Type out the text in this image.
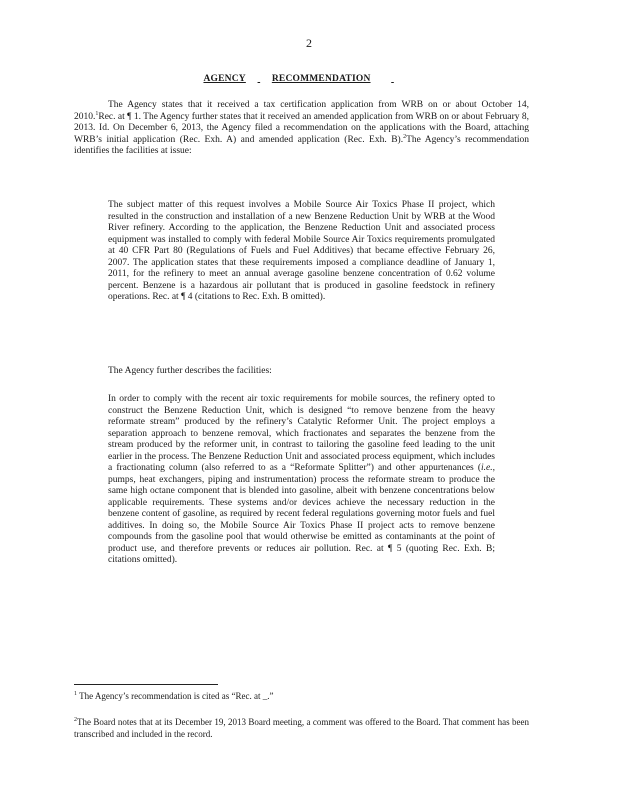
2
AGENCY	RECOMMENDATION

The Agency states that it received a tax certification application from WRB on or about October 14, 2010.$^1$Rec. at ¶ 1. The Agency further states that it received an amended application from WRB on or about February 8, 2013. Id. On December 6, 2013, the Agency filed a recommendation on the applications with the Board, attaching WRB’s initial application (Rec. Exh. A) and amended application (Rec. Exh. B).$^2$The Agency’s recommendation identifies the facilities at issue:

The subject matter of this request involves a Mobile Source Air Toxics Phase II project, which resulted in the construction and installation of a new Benzene Reduction Unit by WRB at the Wood River refinery. According to the application, the Benzene Reduction Unit and associated process equipment was installed to comply with federal Mobile Source Air Toxics requirements promulgated at 40 CFR Part 80 (Regulations of Fuels and Fuel Additives) that became effective February 26, 2007. The application states that these requirements imposed a compliance deadline of January 1, 2011, for the refinery to meet an annual average gasoline benzene concentration of 0.62 volume percent. Benzene is a hazardous air pollutant that is produced in gasoline feedstock in refinery operations. Rec. at ¶ 4 (citations to Rec. Exh. B omitted).

The Agency further describes the facilities:

In order to comply with the recent air toxic requirements for mobile sources, the refinery opted to construct the Benzene Reduction Unit, which is designed “to remove benzene from the heavy reformate stream” produced by the refinery’s Catalytic Reformer Unit. The project employs a separation approach to benzene removal, which fractionates and separates the benzene from the stream produced by the reformer unit, in contrast to tailoring the gasoline feed leading to the unit earlier in the process. The Benzene Reduction Unit and associated process equipment, which includes a fractionating column (also referred to as a “Reformate Splitter”) and other appurtenances (i.e., pumps, heat exchangers, piping and instrumentation) process the reformate stream to produce the same high octane component that is blended into gasoline, albeit with benzene concentrations below applicable requirements. These systems and/or devices achieve the necessary reduction in the benzene content of gasoline, as required by recent federal regulations governing motor fuels and fuel additives. In doing so, the Mobile Source Air Toxics Phase II project acts to remove benzene compounds from the gasoline pool that would otherwise be emitted as contaminants at the point of product use, and therefore prevents or reduces air pollution. Rec. at ¶ 5 (quoting Rec. Exh. B; citations omitted).

$^1$ The Agency’s recommendation is cited as “Rec. at _.”

$^2$The Board notes that at its December 19, 2013 Board meeting, a comment was offered to the Board. That comment has been transcribed and included in the record.
